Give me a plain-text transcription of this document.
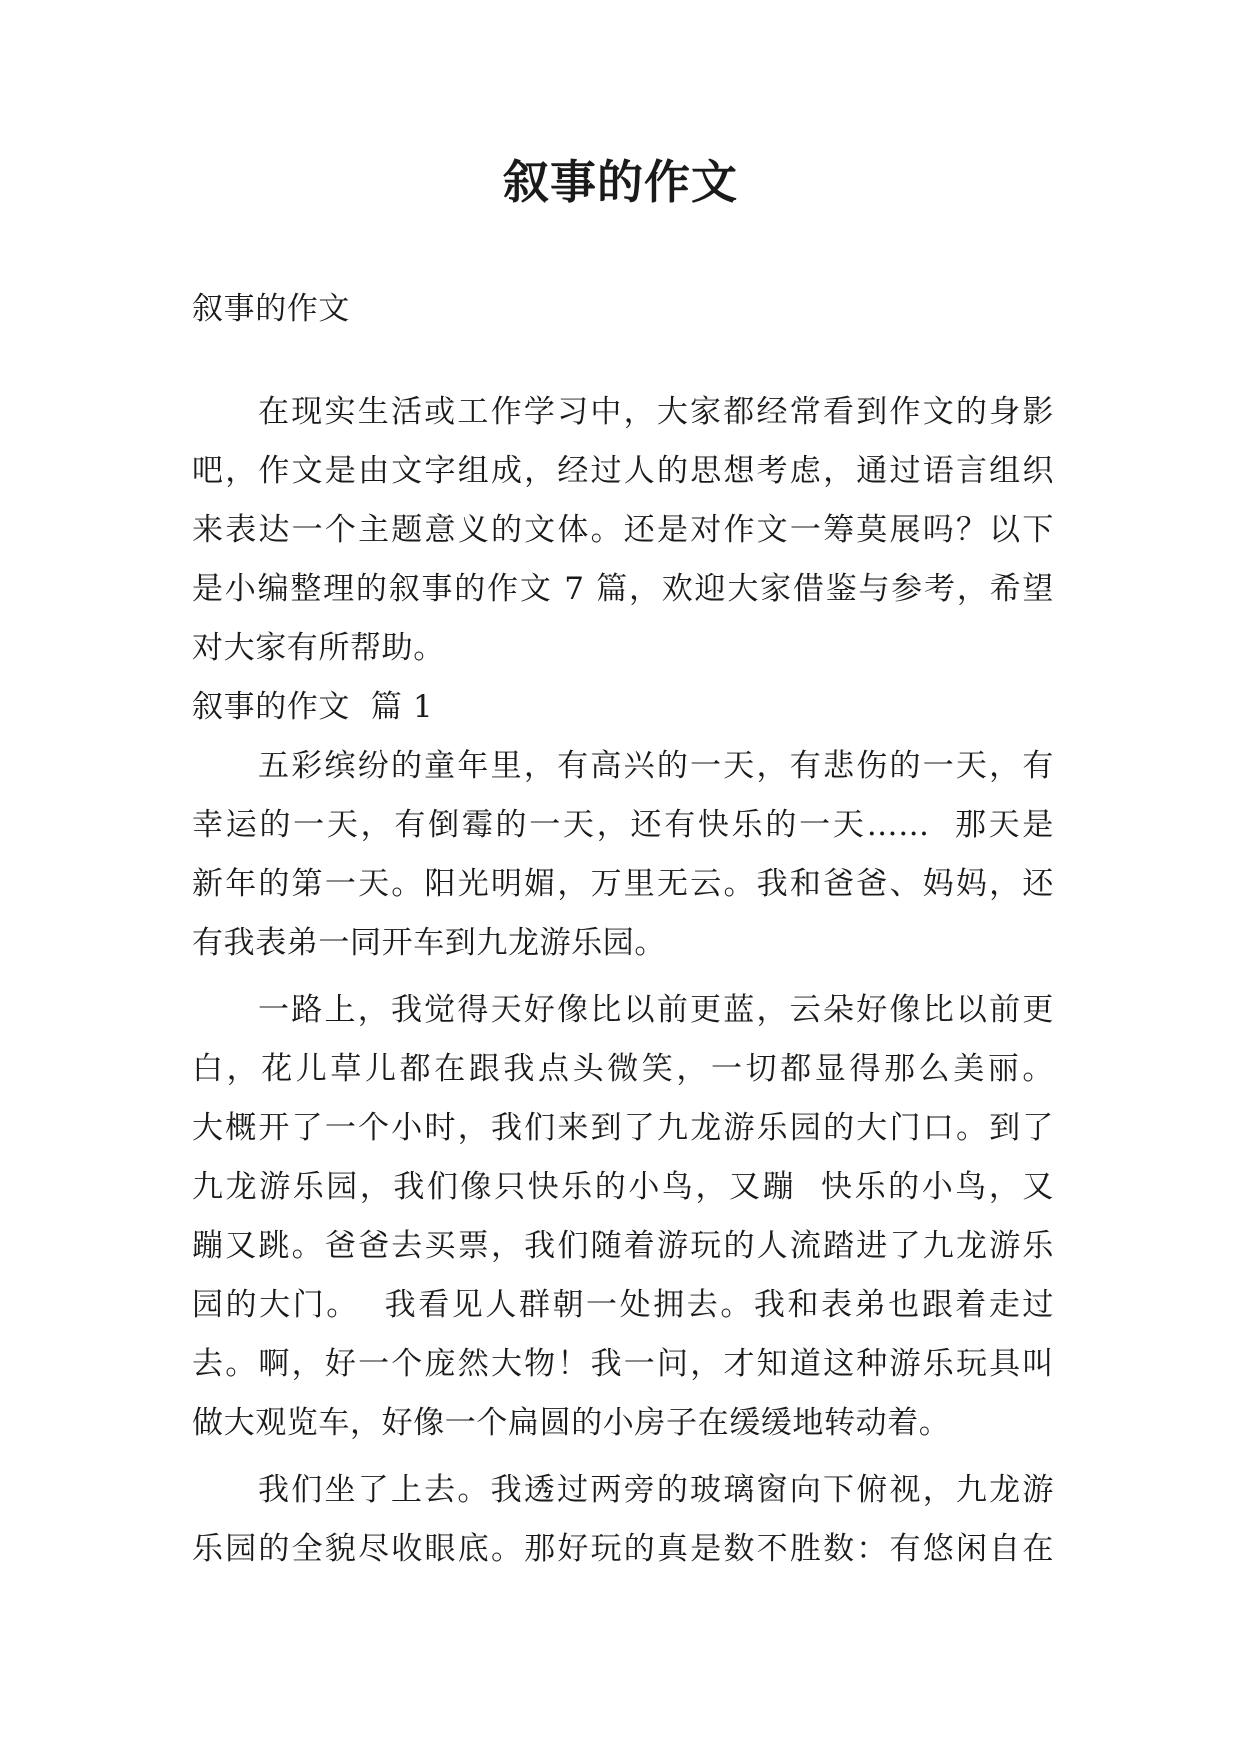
叙事的作文
叙事的作文
在现实生活或工作学习中，大家都经常看到作文的身影
吧，作文是由文字组成，经过人的思想考虑，通过语言组织
来表达一个主题意义的文体。还是对作文一筹莫展吗？以下
是小编整理的叙事的作文 7 篇，欢迎大家借鉴与参考，希望
对大家有所帮助。
叙事的作文  篇 1
五彩缤纷的童年里，有高兴的一天，有悲伤的一天，有
幸运的一天，有倒霉的一天，还有快乐的一天……  那天是
新年的第一天。阳光明媚，万里无云。我和爸爸、妈妈，还
有我表弟一同开车到九龙游乐园。
一路上，我觉得天好像比以前更蓝，云朵好像比以前更
白，花儿草儿都在跟我点头微笑，一切都显得那么美丽。
大概开了一个小时，我们来到了九龙游乐园的大门口。到了
九龙游乐园，我们像只快乐的小鸟，又蹦  快乐的小鸟，又
蹦又跳。爸爸去买票，我们随着游玩的人流踏进了九龙游乐
园的大门。  我看见人群朝一处拥去。我和表弟也跟着走过
去。啊，好一个庞然大物！我一问，才知道这种游乐玩具叫
做大观览车，好像一个扁圆的小房子在缓缓地转动着。
我们坐了上去。我透过两旁的玻璃窗向下俯视，九龙游
乐园的全貌尽收眼底。那好玩的真是数不胜数：有悠闲自在
